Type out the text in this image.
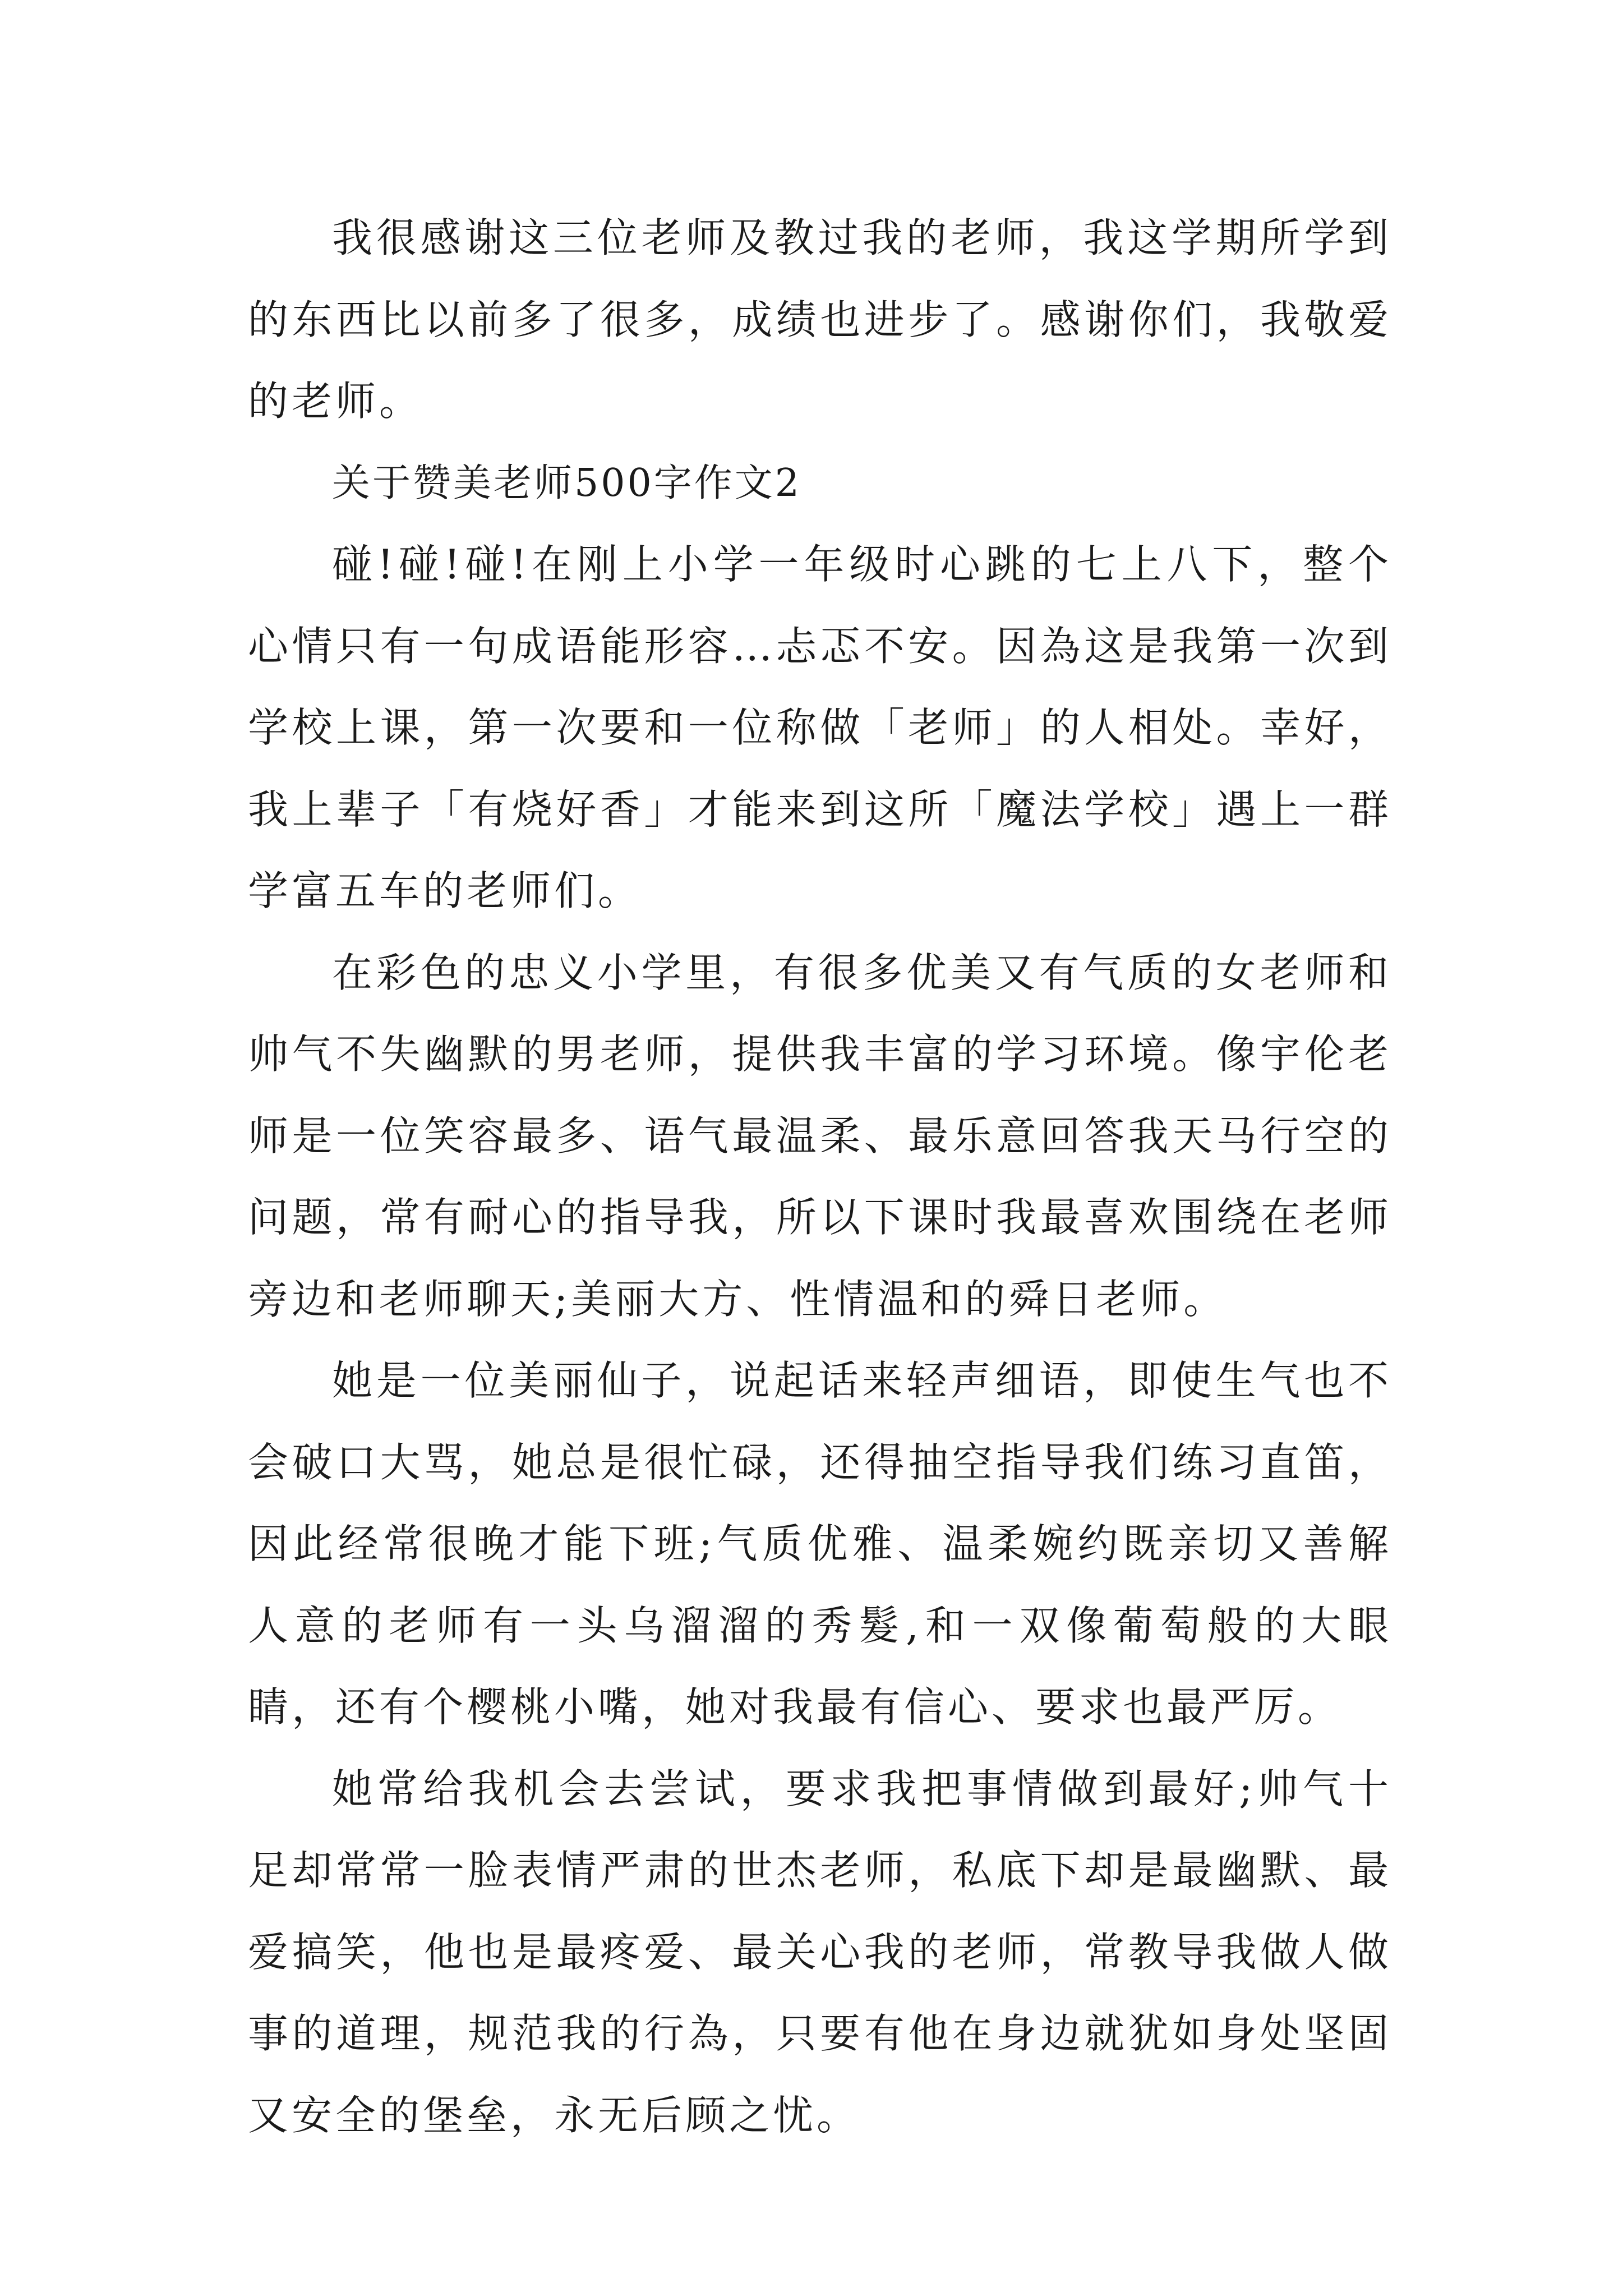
我很感谢这三位老师及教过我的老师，我这学期所学到的东西比以前多了很多，成绩也进步了。感谢你们，我敬爱的老师。

关于赞美老师500字作文2

碰!碰!碰!在刚上小学一年级时心跳的七上八下，整个心情只有一句成语能形容…忐忑不安。因為这是我第一次到学校上课，第一次要和一位称做「老师」的人相处。幸好，我上辈子「有烧好香」才能来到这所「魔法学校」遇上一群学富五车的老师们。

在彩色的忠义小学里，有很多优美又有气质的女老师和帅气不失幽默的男老师，提供我丰富的学习环境。像宇伦老师是一位笑容最多、语气最温柔、最乐意回答我天马行空的问题，常有耐心的指导我，所以下课时我最喜欢围绕在老师旁边和老师聊天;美丽大方、性情温和的舜日老师。

她是一位美丽仙子，说起话来轻声细语，即使生气也不会破口大骂，她总是很忙碌，还得抽空指导我们练习直笛，因此经常很晚才能下班;气质优雅、温柔婉约既亲切又善解人意的老师有一头乌溜溜的秀髮,和一双像葡萄般的大眼睛，还有个樱桃小嘴，她对我最有信心、要求也最严厉。

她常给我机会去尝试，要求我把事情做到最好;帅气十足却常常一脸表情严肃的世杰老师，私底下却是最幽默、最爱搞笑，他也是最疼爱、最关心我的老师，常教导我做人做事的道理，规范我的行為，只要有他在身边就犹如身处坚固又安全的堡垒，永无后顾之忧。
